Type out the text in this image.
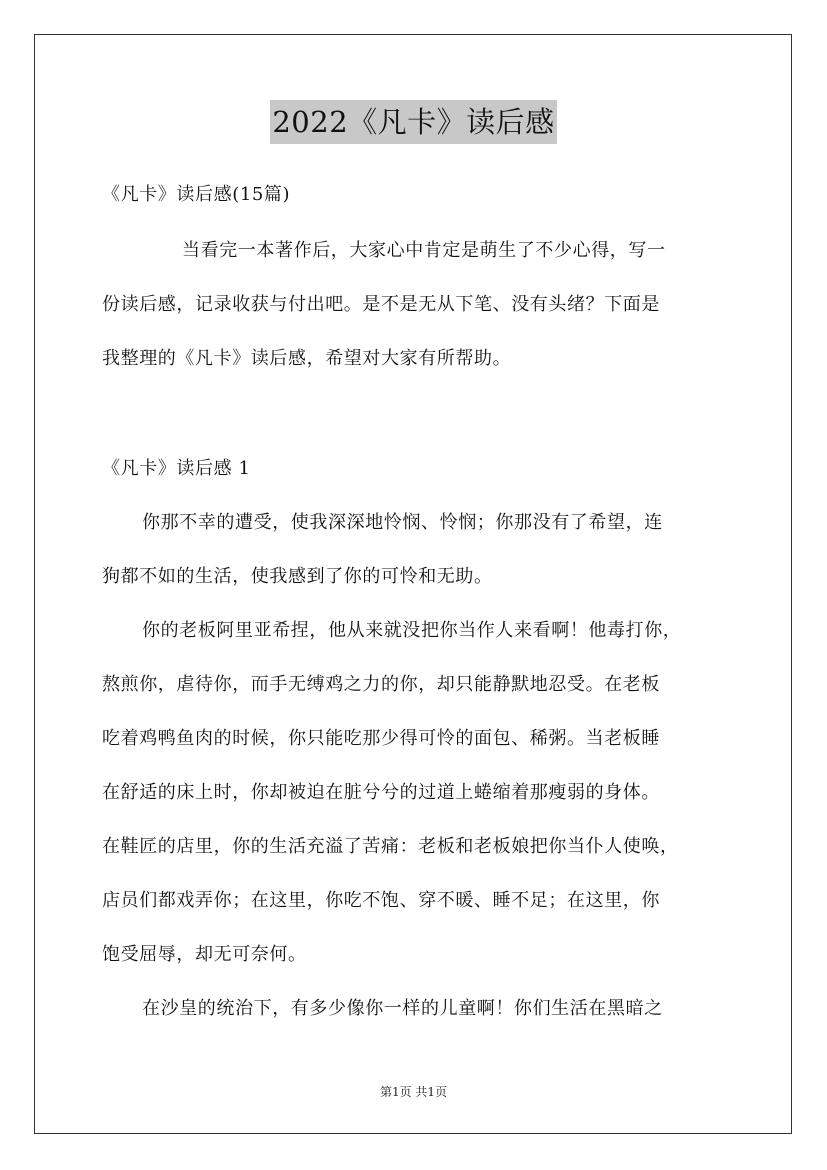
2022《凡卡》读后感
《凡卡》读后感(15篇)
当看完一本著作后，大家心中肯定是萌生了不少心得，写一
份读后感，记录收获与付出吧。是不是无从下笔、没有头绪？下面是
我整理的《凡卡》读后感，希望对大家有所帮助。
《凡卡》读后感 1
你那不幸的遭受，使我深深地怜悯、怜悯；你那没有了希望，连
狗都不如的生活，使我感到了你的可怜和无助。
你的老板阿里亚希捏，他从来就没把你当作人来看啊！他毒打你，
熬煎你，虐待你，而手无缚鸡之力的你，却只能静默地忍受。在老板
吃着鸡鸭鱼肉的时候，你只能吃那少得可怜的面包、稀粥。当老板睡
在舒适的床上时，你却被迫在脏兮兮的过道上蜷缩着那瘦弱的身体。
在鞋匠的店里，你的生活充溢了苦痛：老板和老板娘把你当仆人使唤，
店员们都戏弄你；在这里，你吃不饱、穿不暖、睡不足；在这里，你
饱受屈辱，却无可奈何。
在沙皇的统治下，有多少像你一样的儿童啊！你们生活在黑暗之
第1页 共1页
